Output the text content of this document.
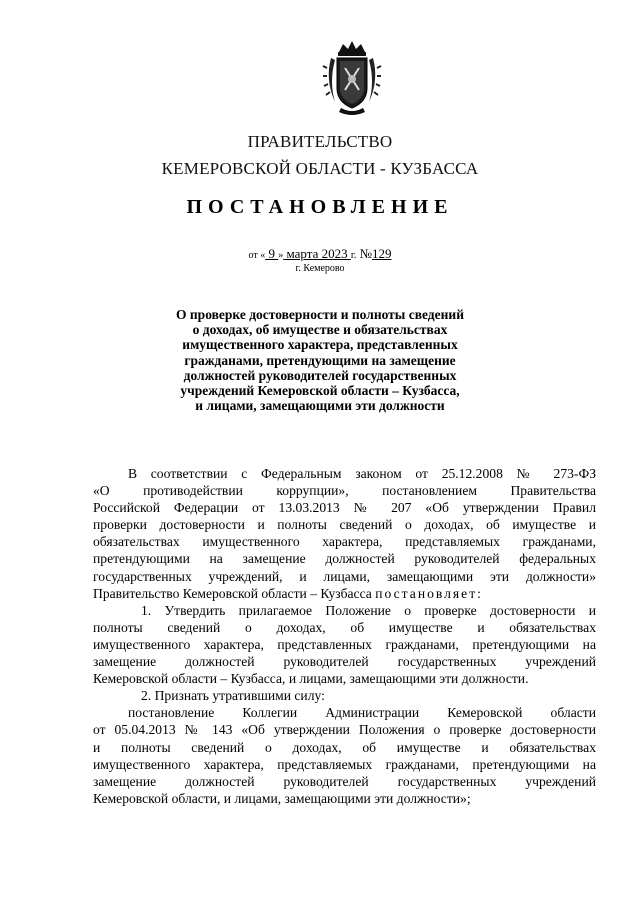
ПРАВИТЕЛЬСТВО
КЕМЕРОВСКОЙ ОБЛАСТИ - КУЗБАССА
ПОСТАНОВЛЕНИЕ
от « 9 » марта 2023 г. №129
г. Кемерово
О проверке достоверности и полноты сведений
о доходах, об имуществе и обязательствах
имущественного характера, представленных
гражданами, претендующими на замещение
должностей руководителей государственных
учреждений Кемеровской области – Кузбасса,
и лицами, замещающими эти должности
В соответствии с Федеральным законом от 25.12.2008 № 273-ФЗ
«О противодействии коррупции», постановлением Правительства
Российской Федерации от 13.03.2013 № 207 «Об утверждении Правил
проверки достоверности и полноты сведений о доходах, об имуществе и
обязательствах имущественного характера, представляемых гражданами,
претендующими на замещение должностей руководителей федеральных
государственных учреждений, и лицами, замещающими эти должности»
Правительство Кемеровской области – Кузбасса постановляет:
1. Утвердить прилагаемое Положение о проверке достоверности и
полноты сведений о доходах, об имуществе и обязательствах
имущественного характера, представленных гражданами, претендующими на
замещение должностей руководителей государственных учреждений
Кемеровской области – Кузбасса, и лицами, замещающими эти должности.
2. Признать утратившими силу:
постановление Коллегии Администрации Кемеровской области
от 05.04.2013 № 143 «Об утверждении Положения о проверке достоверности
и полноты сведений о доходах, об имуществе и обязательствах
имущественного характера, представляемых гражданами, претендующими на
замещение должностей руководителей государственных учреждений
Кемеровской области, и лицами, замещающими эти должности»;
